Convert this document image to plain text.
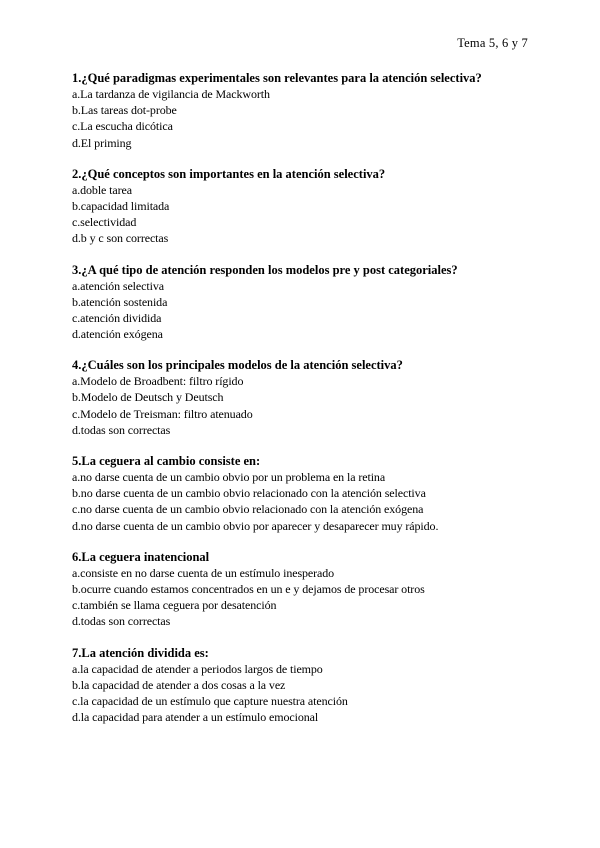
Tema 5, 6 y 7
1.¿Qué paradigmas experimentales son relevantes para la atención selectiva?
a.La tardanza de vigilancia de Mackworth
b.Las tareas dot-probe
c.La escucha dicótica
d.El priming
2.¿Qué conceptos son importantes en la atención selectiva?
a.doble tarea
b.capacidad limitada
c.selectividad
d.b y c son correctas
3.¿A qué tipo de atención responden los modelos pre y post categoriales?
a.atención selectiva
b.atención sostenida
c.atención dividida
d.atención exógena
4.¿Cuáles son los principales modelos de la atención selectiva?
a.Modelo de Broadbent: filtro rígido
b.Modelo de Deutsch y Deutsch
c.Modelo de Treisman: filtro atenuado
d.todas son correctas
5.La ceguera al cambio consiste en:
a.no darse cuenta de un cambio obvio por un problema en la retina
b.no darse cuenta de un cambio obvio relacionado con la atención selectiva
c.no darse cuenta de un cambio obvio relacionado con la atención exógena
d.no darse cuenta de un cambio obvio por aparecer y desaparecer muy rápido.
6.La ceguera inatencional
a.consiste en no darse cuenta de un estímulo inesperado
b.ocurre cuando estamos concentrados en un e y dejamos de procesar otros
c.también se llama ceguera por desatención
d.todas son correctas
7.La atención dividida es:
a.la capacidad de atender a periodos largos de tiempo
b.la capacidad de atender a dos cosas a la vez
c.la capacidad de un estímulo que capture nuestra atención
d.la capacidad para atender a un estímulo emocional
